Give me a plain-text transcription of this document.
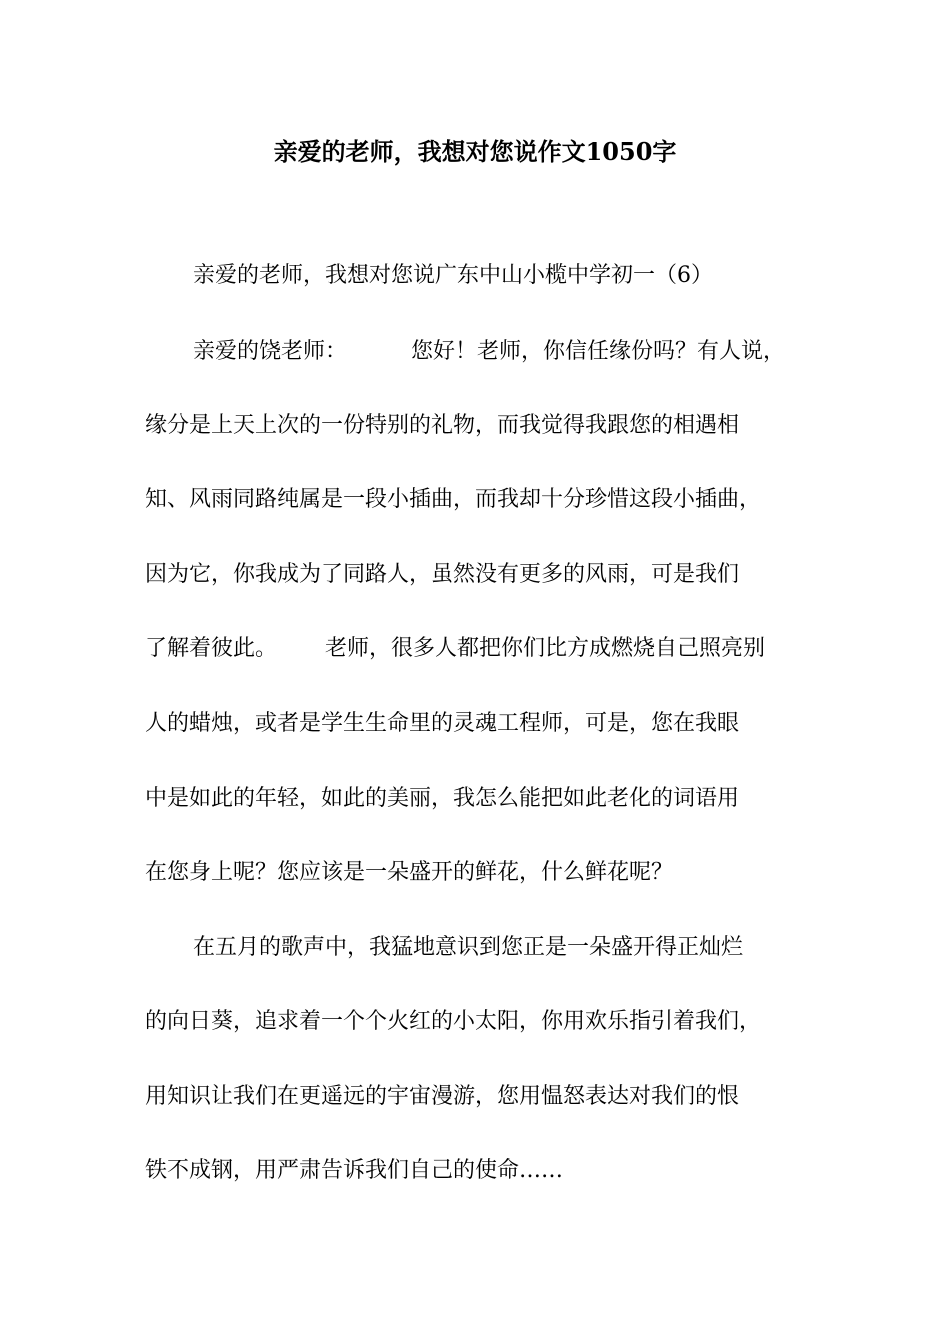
亲爱的老师，我想对您说作文1050字
亲爱的老师，我想对您说广东中山小榄中学初一（6）
亲爱的饶老师：	您好！老师，你信任缘份吗？有人说，
缘分是上天上次的一份特别的礼物，而我觉得我跟您的相遇相
知、风雨同路纯属是一段小插曲，而我却十分珍惜这段小插曲，
因为它，你我成为了同路人，虽然没有更多的风雨，可是我们
了解着彼此。 老师，很多人都把你们比方成燃烧自己照亮别
人的蜡烛，或者是学生生命里的灵魂工程师，可是，您在我眼
中是如此的年轻，如此的美丽，我怎么能把如此老化的词语用
在您身上呢？您应该是一朵盛开的鲜花，什么鲜花呢？
在五月的歌声中，我猛地意识到您正是一朵盛开得正灿烂
的向日葵，追求着一个个火红的小太阳，你用欢乐指引着我们，
用知识让我们在更遥远的宇宙漫游，您用愠怒表达对我们的恨
铁不成钢，用严肃告诉我们自己的使命……
